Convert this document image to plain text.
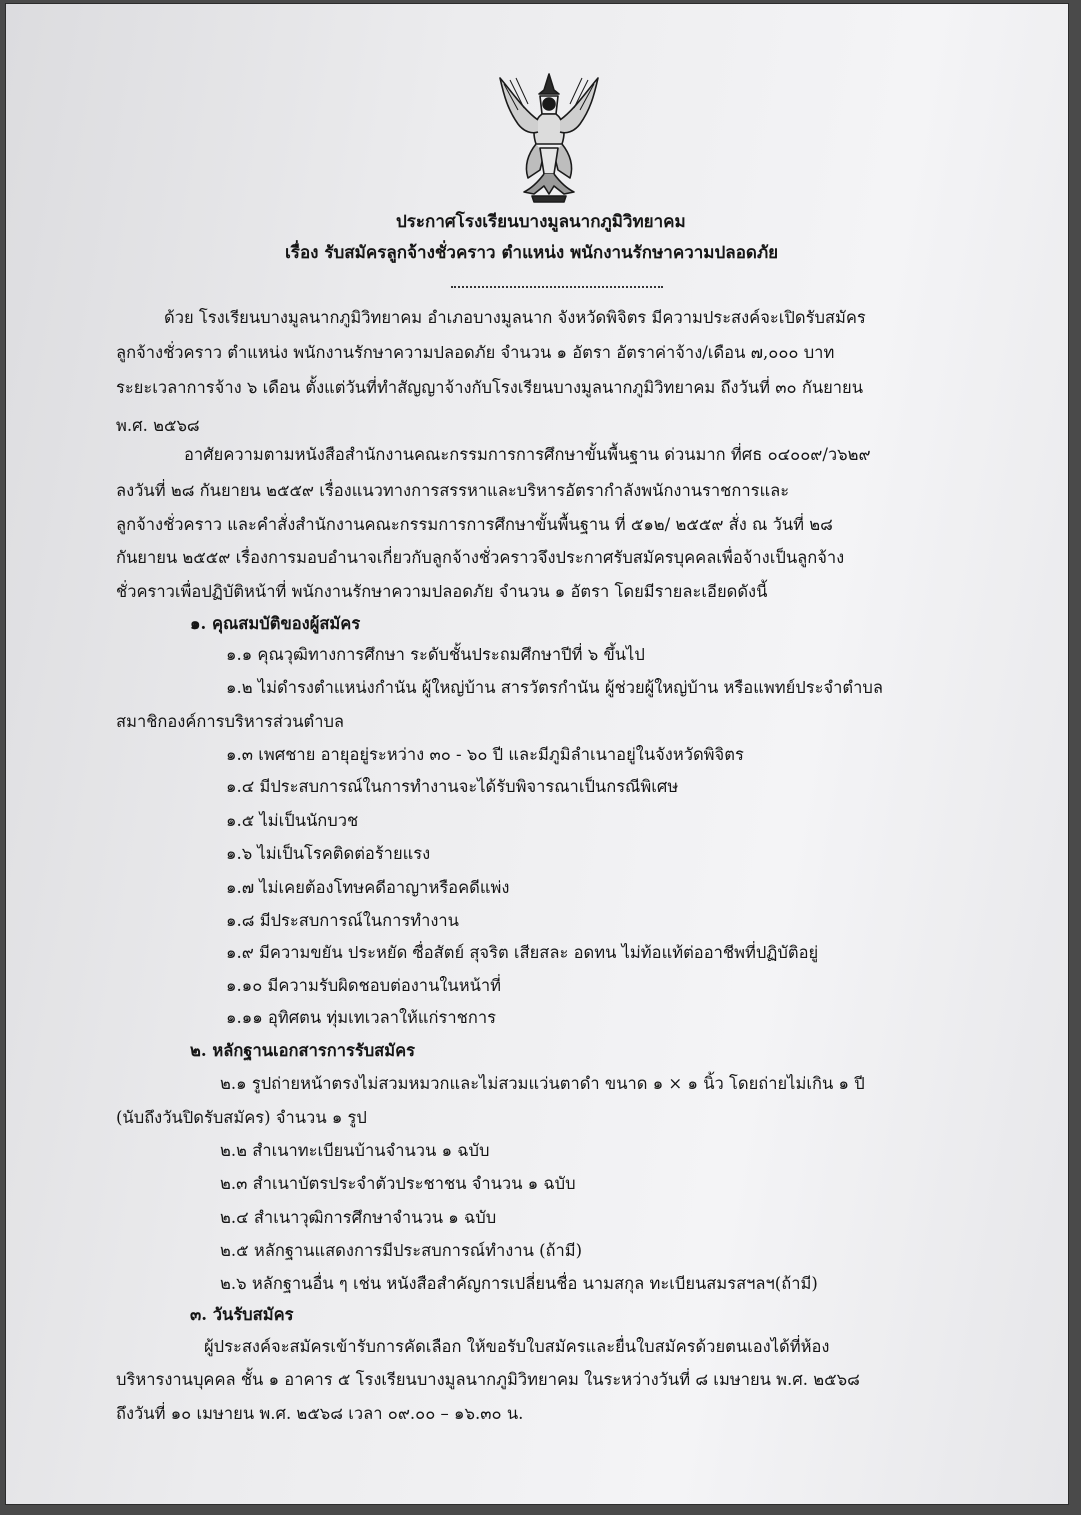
ประกาศโรงเรียนบางมูลนากภูมิวิทยาคม
เรื่อง รับสมัครลูกจ้างชั่วคราว ตำแหน่ง พนักงานรักษาความปลอดภัย
ด้วย โรงเรียนบางมูลนากภูมิวิทยาคม อำเภอบางมูลนาก จังหวัดพิจิตร มีความประสงค์จะเปิดรับสมัคร
ลูกจ้างชั่วคราว ตำแหน่ง พนักงานรักษาความปลอดภัย จำนวน ๑ อัตรา อัตราค่าจ้าง/เดือน ๗,๐๐๐ บาท
ระยะเวลาการจ้าง ๖ เดือน ตั้งแต่วันที่ทำสัญญาจ้างกับโรงเรียนบางมูลนากภูมิวิทยาคม ถึงวันที่ ๓๐ กันยายน
พ.ศ. ๒๕๖๘
อาศัยความตามหนังสือสำนักงานคณะกรรมการการศึกษาขั้นพื้นฐาน ด่วนมาก ที่ศธ ๐๔๐๐๙/ว๖๒๙
ลงวันที่ ๒๘ กันยายน ๒๕๕๙ เรื่องแนวทางการสรรหาและบริหารอัตรากำลังพนักงานราชการและ
ลูกจ้างชั่วคราว และคำสั่งสำนักงานคณะกรรมการการศึกษาขั้นพื้นฐาน ที่ ๕๑๒/ ๒๕๕๙ สั่ง ณ วันที่ ๒๘
กันยายน ๒๕๕๙ เรื่องการมอบอำนาจเกี่ยวกับลูกจ้างชั่วคราวจึงประกาศรับสมัครบุคคลเพื่อจ้างเป็นลูกจ้าง
ชั่วคราวเพื่อปฏิบัติหน้าที่ พนักงานรักษาความปลอดภัย จำนวน ๑ อัตรา โดยมีรายละเอียดดังนี้
๑. คุณสมบัติของผู้สมัคร
๑.๑ คุณวุฒิทางการศึกษา ระดับชั้นประถมศึกษาปีที่ ๖ ขึ้นไป
๑.๒ ไม่ดำรงตำแหน่งกำนัน ผู้ใหญ่บ้าน สารวัตรกำนัน ผู้ช่วยผู้ใหญ่บ้าน หรือแพทย์ประจำตำบล
สมาชิกองค์การบริหารส่วนตำบล
๑.๓ เพศชาย อายุอยู่ระหว่าง ๓๐ - ๖๐ ปี และมีภูมิลำเนาอยู่ในจังหวัดพิจิตร
๑.๔ มีประสบการณ์ในการทำงานจะได้รับพิจารณาเป็นกรณีพิเศษ
๑.๕ ไม่เป็นนักบวช
๑.๖ ไม่เป็นโรคติดต่อร้ายแรง
๑.๗ ไม่เคยต้องโทษคดีอาญาหรือคดีแพ่ง
๑.๘ มีประสบการณ์ในการทำงาน
๑.๙ มีความขยัน ประหยัด ซื่อสัตย์ สุจริต เสียสละ อดทน ไม่ท้อแท้ต่ออาชีพที่ปฏิบัติอยู่
๑.๑๐ มีความรับผิดชอบต่องานในหน้าที่
๑.๑๑ อุทิศตน ทุ่มเทเวลาให้แก่ราชการ
๒. หลักฐานเอกสารการรับสมัคร
๒.๑ รูปถ่ายหน้าตรงไม่สวมหมวกและไม่สวมแว่นตาดำ ขนาด ๑ × ๑ นิ้ว โดยถ่ายไม่เกิน ๑ ปี
(นับถึงวันปิดรับสมัคร) จำนวน ๑ รูป
๒.๒ สำเนาทะเบียนบ้านจำนวน ๑ ฉบับ
๒.๓ สำเนาบัตรประจำตัวประชาชน จำนวน ๑ ฉบับ
๒.๔ สำเนาวุฒิการศึกษาจำนวน ๑ ฉบับ
๒.๕ หลักฐานแสดงการมีประสบการณ์ทำงาน (ถ้ามี)
๒.๖ หลักฐานอื่น ๆ เช่น หนังสือสำคัญการเปลี่ยนชื่อ นามสกุล ทะเบียนสมรสฯลฯ(ถ้ามี)
๓. วันรับสมัคร
ผู้ประสงค์จะสมัครเข้ารับการคัดเลือก ให้ขอรับใบสมัครและยื่นใบสมัครด้วยตนเองได้ที่ห้อง
บริหารงานบุคคล ชั้น ๑ อาคาร ๕ โรงเรียนบางมูลนากภูมิวิทยาคม ในระหว่างวันที่ ๘ เมษายน พ.ศ. ๒๕๖๘
ถึงวันที่ ๑๐ เมษายน พ.ศ. ๒๕๖๘ เวลา ๐๙.๐๐ – ๑๖.๓๐ น.
